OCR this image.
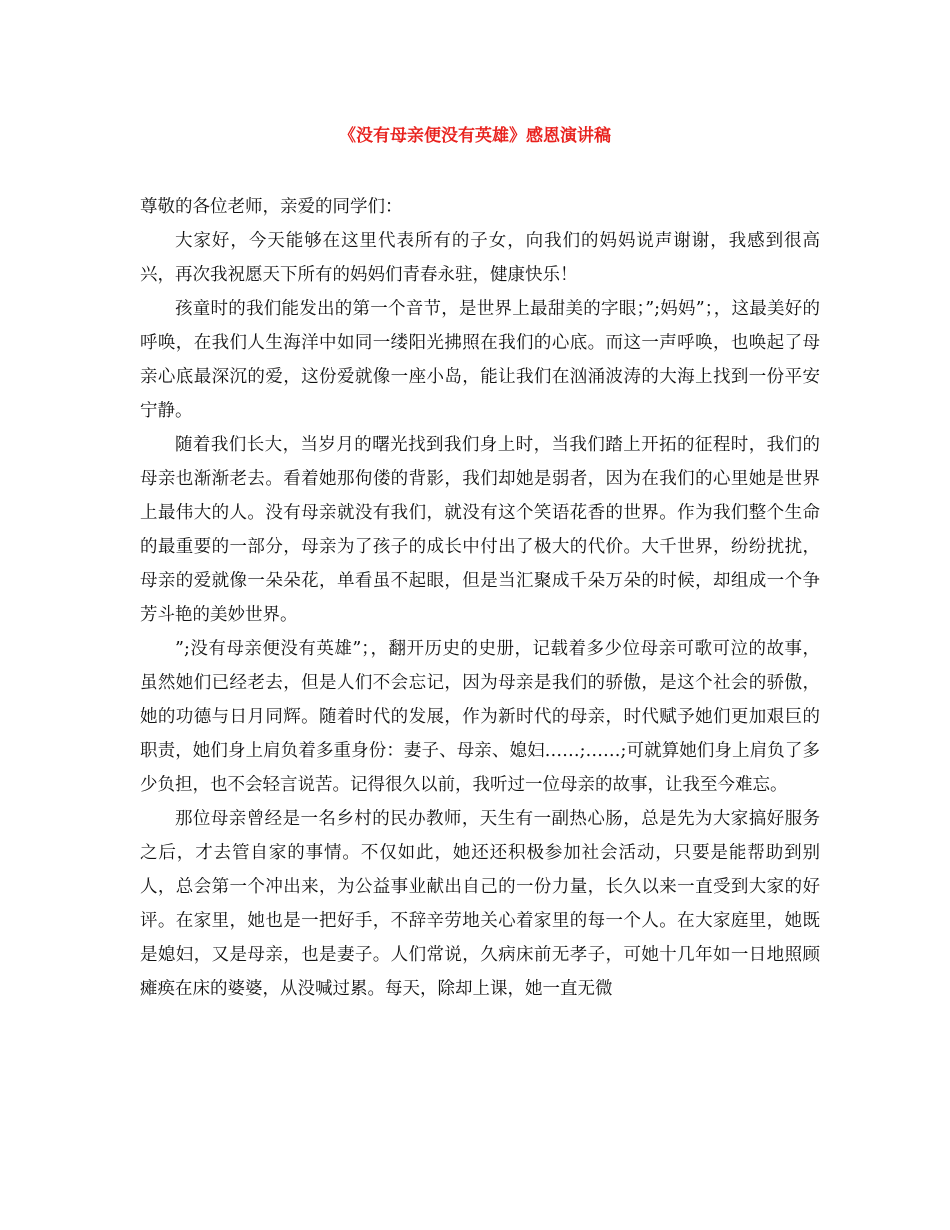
《没有母亲便没有英雄》感恩演讲稿

尊敬的各位老师，亲爱的同学们：

大家好，今天能够在这里代表所有的子女，向我们的妈妈说声谢谢，我感到很高兴，再次我祝愿天下所有的妈妈们青春永驻，健康快乐！

孩童时的我们能发出的第一个音节，是世界上最甜美的字眼；”;妈妈”；，这最美好的呼唤，在我们人生海洋中如同一缕阳光拂照在我们的心底。而这一声呼唤，也唤起了母亲心底最深沉的爱，这份爱就像一座小岛，能让我们在汹涌波涛的大海上找到一份平安宁静。

随着我们长大，当岁月的曙光找到我们身上时，当我们踏上开拓的征程时，我们的母亲也渐渐老去。看着她那佝偻的背影，我们却她是弱者，因为在我们的心里她是世界上最伟大的人。没有母亲就没有我们，就没有这个笑语花香的世界。作为我们整个生命的最重要的一部分，母亲为了孩子的成长中付出了极大的代价。大千世界，纷纷扰扰，母亲的爱就像一朵朵花，单看虽不起眼，但是当汇聚成千朵万朵的时候，却组成一个争芳斗艳的美妙世界。

”;没有母亲便没有英雄”；，翻开历史的史册，记载着多少位母亲可歌可泣的故事，虽然她们已经老去，但是人们不会忘记，因为母亲是我们的骄傲，是这个社会的骄傲，她的功德与日月同辉。随着时代的发展，作为新时代的母亲，时代赋予她们更加艰巨的职责，她们身上肩负着多重身份：妻子、母亲、媳妇……;……;可就算她们身上肩负了多少负担，也不会轻言说苦。记得很久以前，我听过一位母亲的故事，让我至今难忘。

那位母亲曾经是一名乡村的民办教师，天生有一副热心肠，总是先为大家搞好服务之后，才去管自家的事情。不仅如此，她还还积极参加社会活动，只要是能帮助到别人，总会第一个冲出来，为公益事业献出自己的一份力量，长久以来一直受到大家的好评。在家里，她也是一把好手，不辞辛劳地关心着家里的每一个人。在大家庭里，她既是媳妇，又是母亲，也是妻子。人们常说，久病床前无孝子，可她十几年如一日地照顾瘫痪在床的婆婆，从没喊过累。每天，除却上课，她一直无微
